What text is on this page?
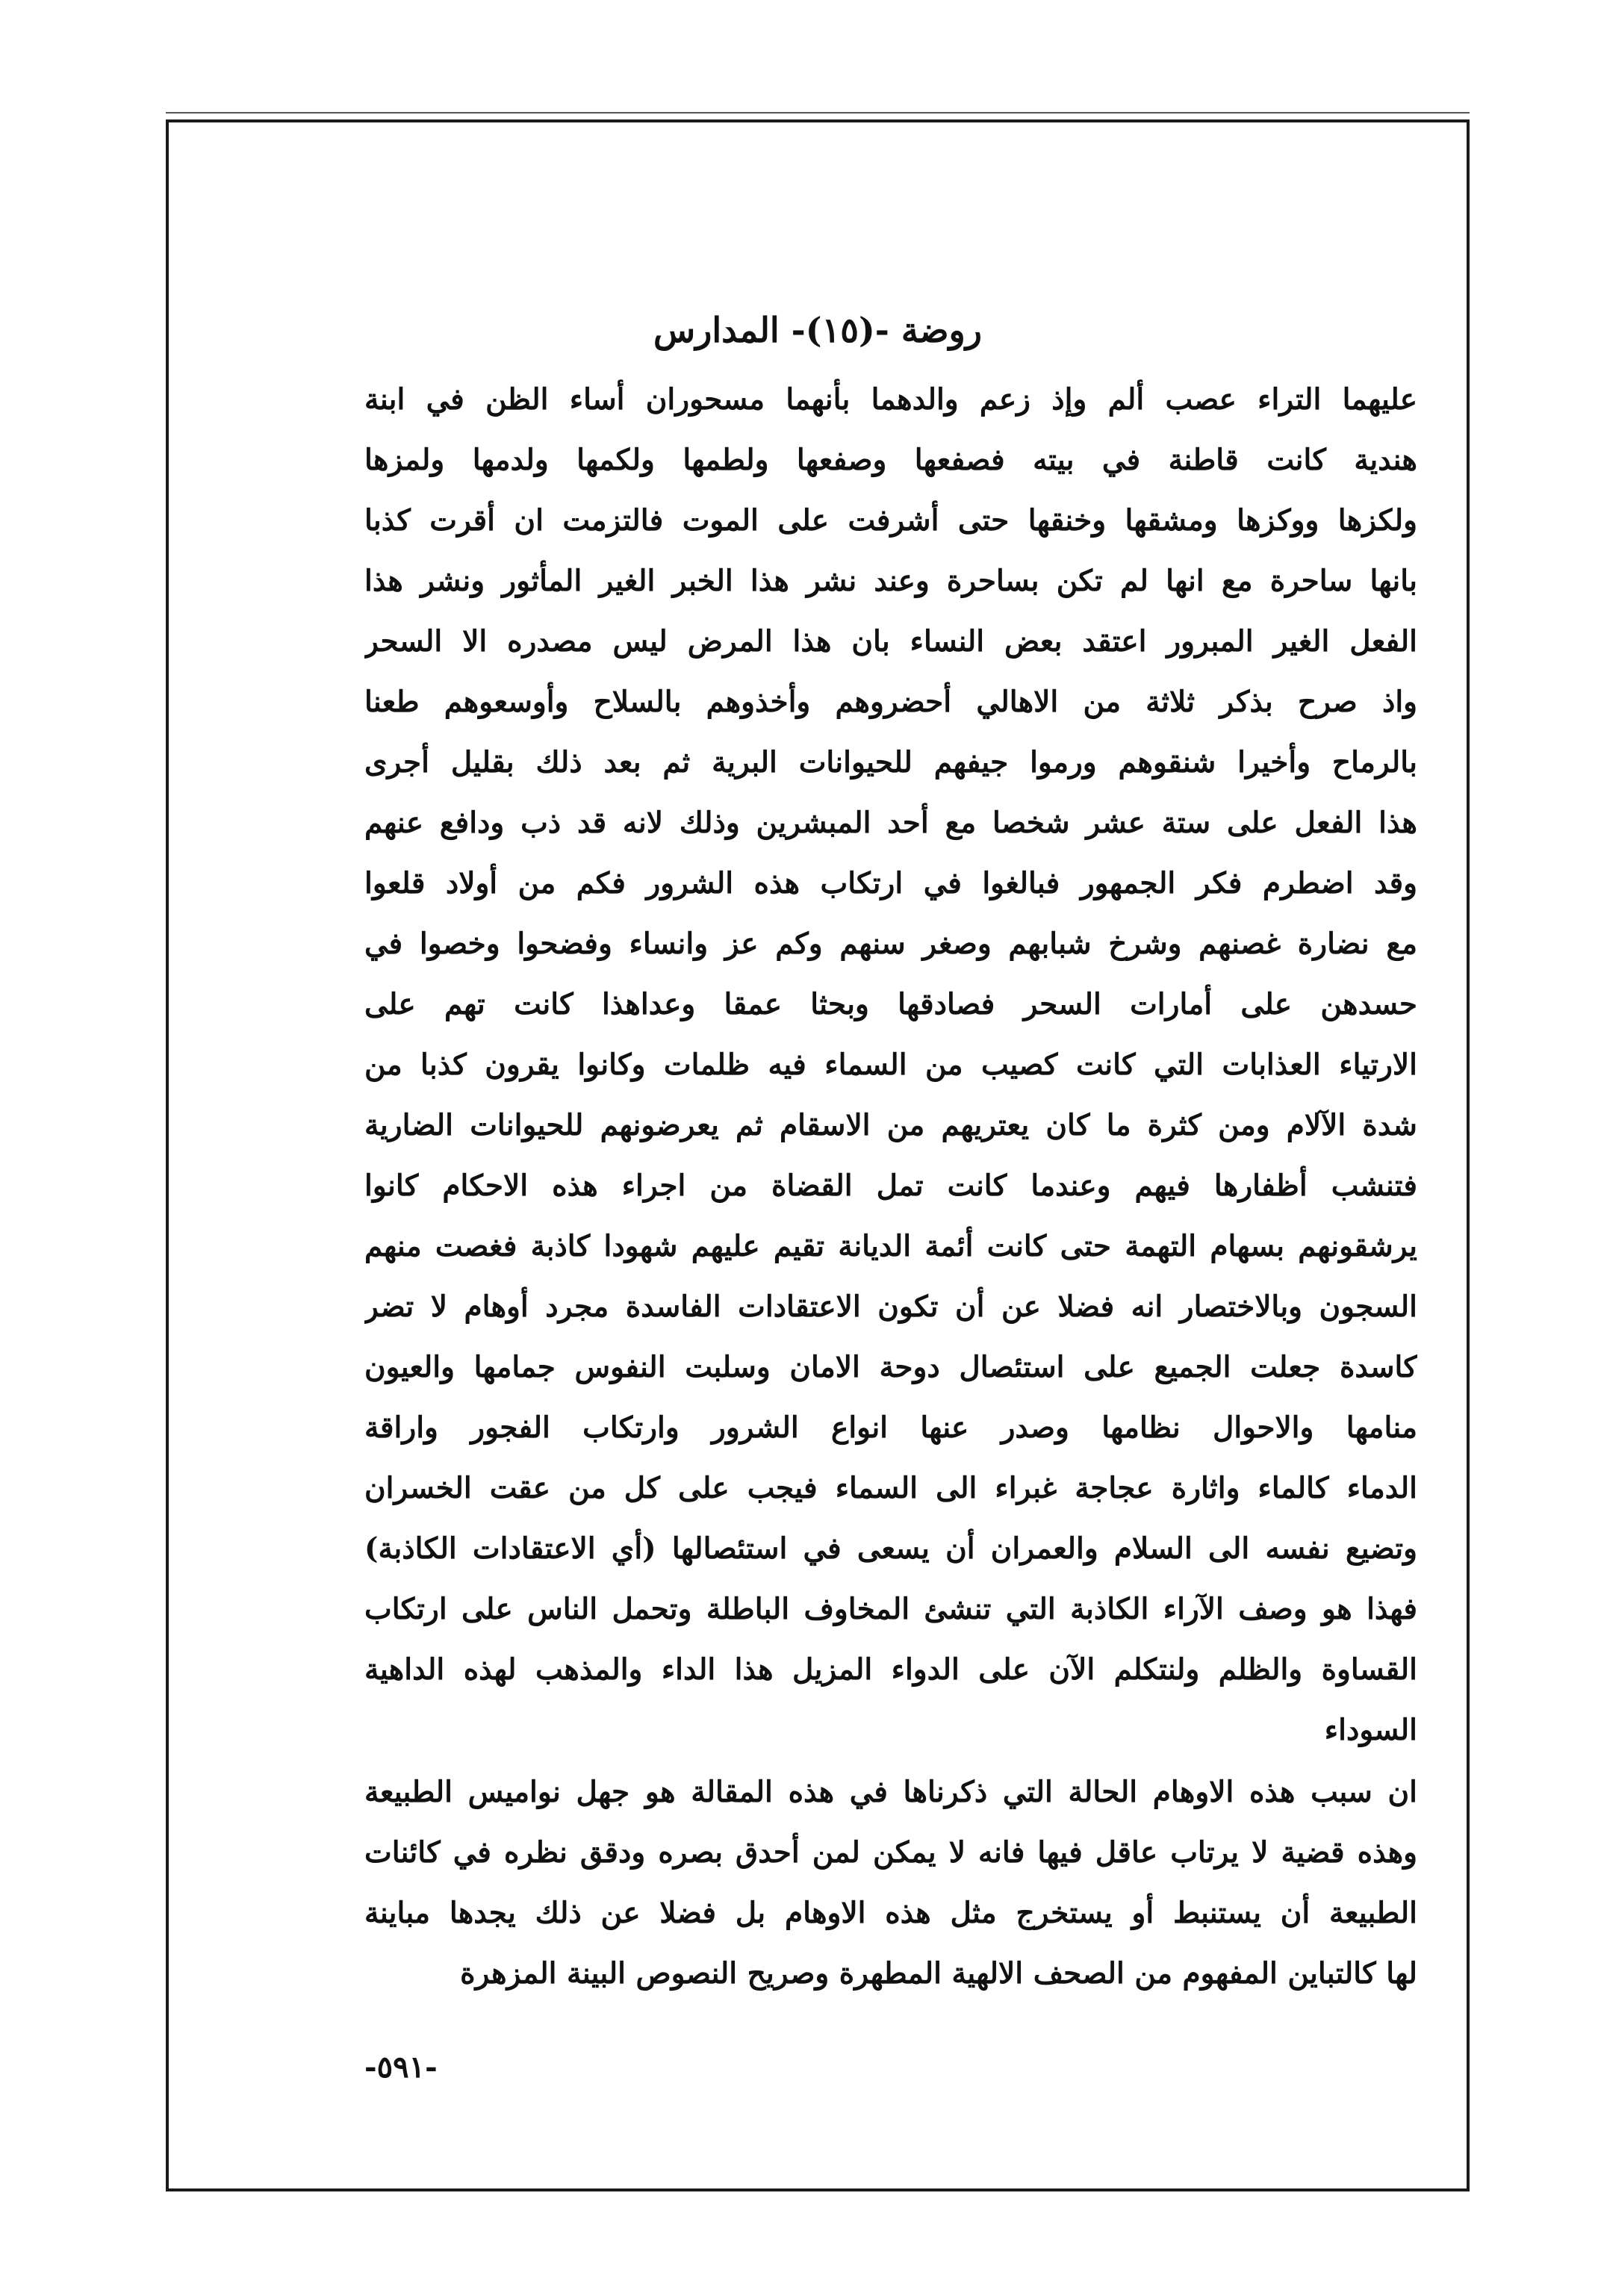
روضة -(١٥)- المدارس
عليهما التراء عصب ألم وإذ زعم والدهما بأنهما مسحوران أساء الظن في ابنة
هندية كانت قاطنة في بيته فصفعها وصفعها ولطمها ولكمها ولدمها ولمزها
ولكزها ووكزها ومشقها وخنقها حتى أشرفت على الموت فالتزمت ان أقرت كذبا
بانها ساحرة مع انها لم تكن بساحرة وعند نشر هذا الخبر الغير المأثور ونشر هذا
الفعل الغير المبرور اعتقد بعض النساء بان هذا المرض ليس مصدره الا السحر
واذ صرح بذكر ثلاثة من الاهالي أحضروهم وأخذوهم بالسلاح وأوسعوهم طعنا
بالرماح وأخيرا شنقوهم ورموا جيفهم للحيوانات البرية ثم بعد ذلك بقليل أجرى
هذا الفعل على ستة عشر شخصا مع أحد المبشرين وذلك لانه قد ذب ودافع عنهم
وقد اضطرم فكر الجمهور فبالغوا في ارتكاب هذه الشرور فكم من أولاد قلعوا
مع نضارة غصنهم وشرخ شبابهم وصغر سنهم وكم عز وانساء وفضحوا وخصوا في
حسدهن على أمارات السحر فصادقها وبحثا عمقا وعداهذا كانت تهم على
الارتياء العذابات التي كانت كصيب من السماء فيه ظلمات وكانوا يقرون كذبا من
شدة الآلام ومن كثرة ما كان يعتريهم من الاسقام ثم يعرضونهم للحيوانات الضارية
فتنشب أظفارها فيهم وعندما كانت تمل القضاة من اجراء هذه الاحكام كانوا
يرشقونهم بسهام التهمة حتى كانت أئمة الديانة تقيم عليهم شهودا كاذبة فغصت منهم
السجون وبالاختصار انه فضلا عن أن تكون الاعتقادات الفاسدة مجرد أوهام لا تضر
كاسدة جعلت الجميع على استئصال دوحة الامان وسلبت النفوس جمامها والعيون
منامها والاحوال نظامها وصدر عنها انواع الشرور وارتكاب الفجور واراقة
الدماء كالماء واثارة عجاجة غبراء الى السماء فيجب على كل من عقت الخسران
وتضيع نفسه الى السلام والعمران أن يسعى في استئصالها (أي الاعتقادات الكاذبة)
فهذا هو وصف الآراء الكاذبة التي تنشئ المخاوف الباطلة وتحمل الناس على ارتكاب
القساوة والظلم ولنتكلم الآن على الدواء المزيل هذا الداء والمذهب لهذه الداهية
السوداء
ان سبب هذه الاوهام الحالة التي ذكرناها في هذه المقالة هو جهل نواميس الطبيعة
وهذه قضية لا يرتاب عاقل فيها فانه لا يمكن لمن أحدق بصره ودقق نظره في كائنات
الطبيعة أن يستنبط أو يستخرج مثل هذه الاوهام بل فضلا عن ذلك يجدها مباينة
لها كالتباين المفهوم من الصحف الالهية المطهرة وصريح النصوص البينة المزهرة
-٥٩١-
